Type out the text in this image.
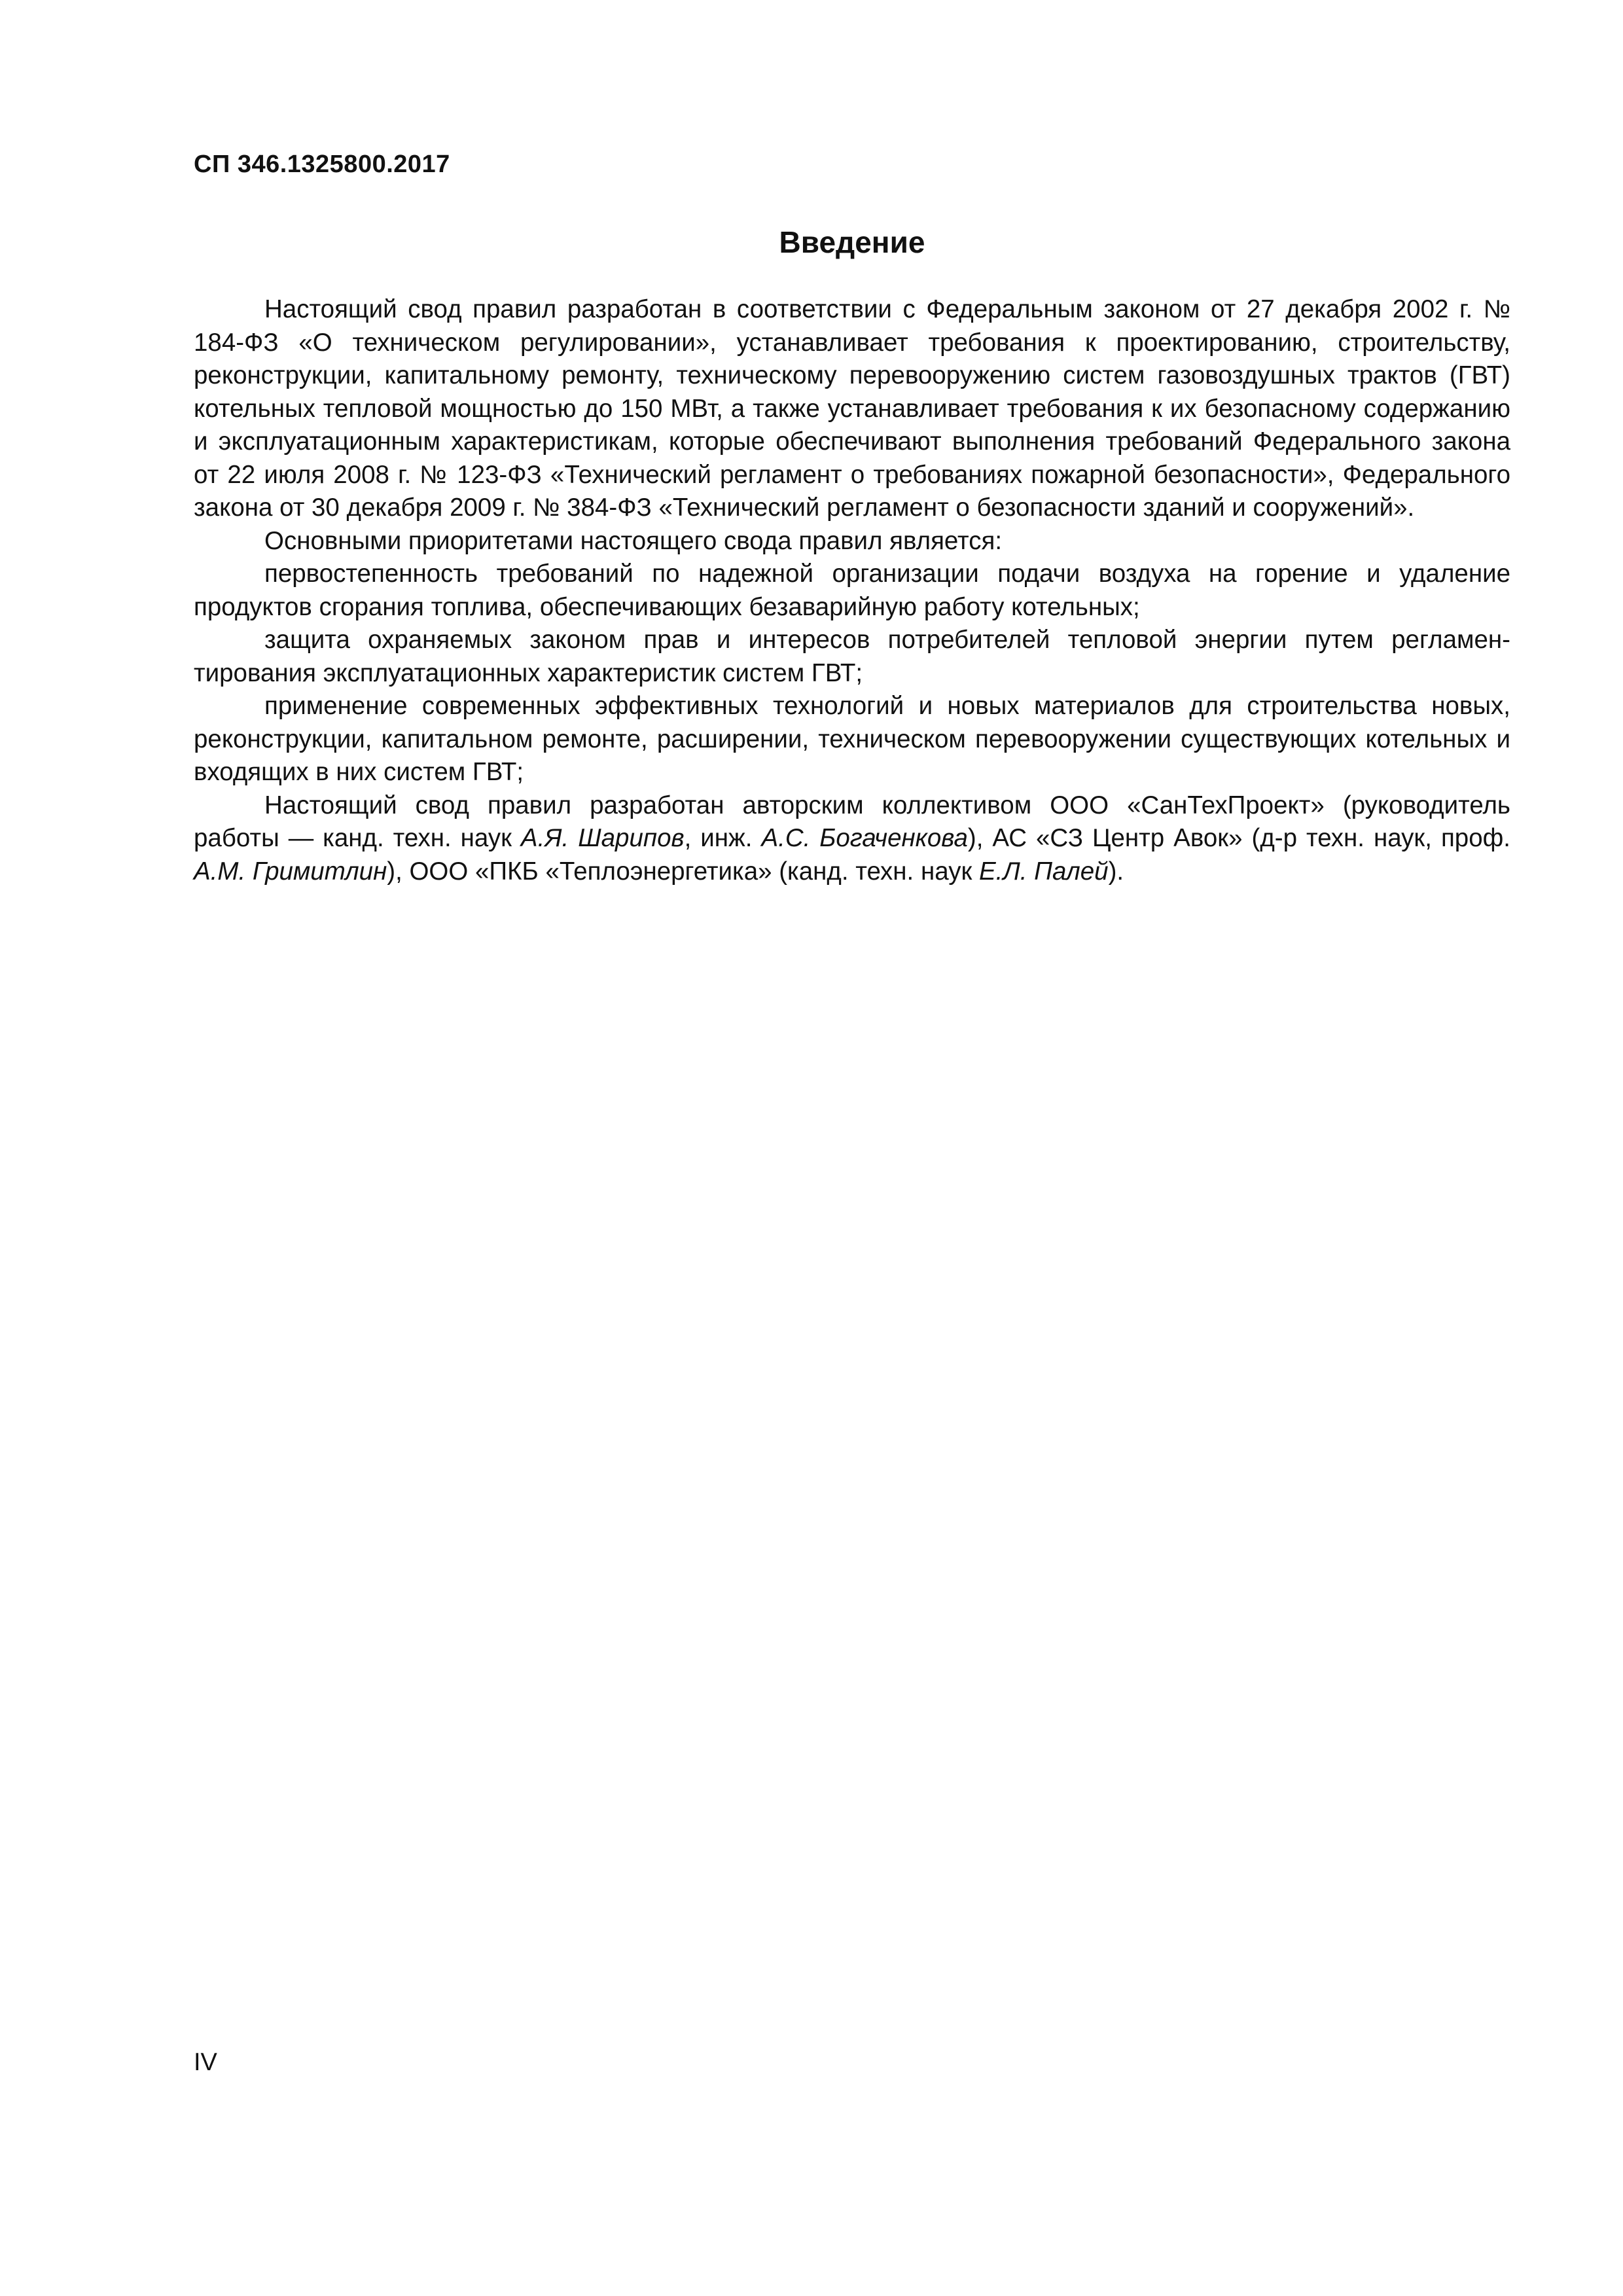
СП 346.1325800.2017
Введение

Настоящий свод правил разработан в соответствии с Федеральным законом от 27 декабря 2002 г. № 184-ФЗ «О техническом регулировании», устанавливает требования к проектированию, строительству, реконструкции, капитальному ремонту, техническому перевооружению систем газовоздушных трактов (ГВТ) котельных тепловой мощностью до 150 МВт, а также устанавливает требования к их безопасному содержанию и эксплуатационным характеристикам, которые обеспечивают выполнения требований Федерального закона от 22 июля 2008 г. № 123-ФЗ «Технический регламент о требованиях пожарной безопасности», Федерального закона от 30 декабря 2009 г. № 384-ФЗ «Технический регламент о безопасности зданий и сооружений».

Основными приоритетами настоящего свода правил является:

первостепенность требований по надежной организации подачи воздуха на горение и удаление продуктов сгорания топлива, обеспечивающих безаварийную работу котельных;

защита охраняемых законом прав и интересов потребителей тепловой энергии путем регламентирования эксплуатационных характеристик систем ГВТ;

применение современных эффективных технологий и новых материалов для строительства новых, реконструкции, капитальном ремонте, расширении, техническом перевооружении существующих котельных и входящих в них систем ГВТ;

Настоящий свод правил разработан авторским коллективом ООО «СанТехПроект» (руководитель работы — канд. техн. наук А.Я. Шарипов, инж. А.С. Богаченкова), АС «СЗ Центр Авок» (д-р техн. наук, проф. А.М. Гримитлин), ООО «ПКБ «Теплоэнергетика» (канд. техн. наук Е.Л. Палей).

IV
